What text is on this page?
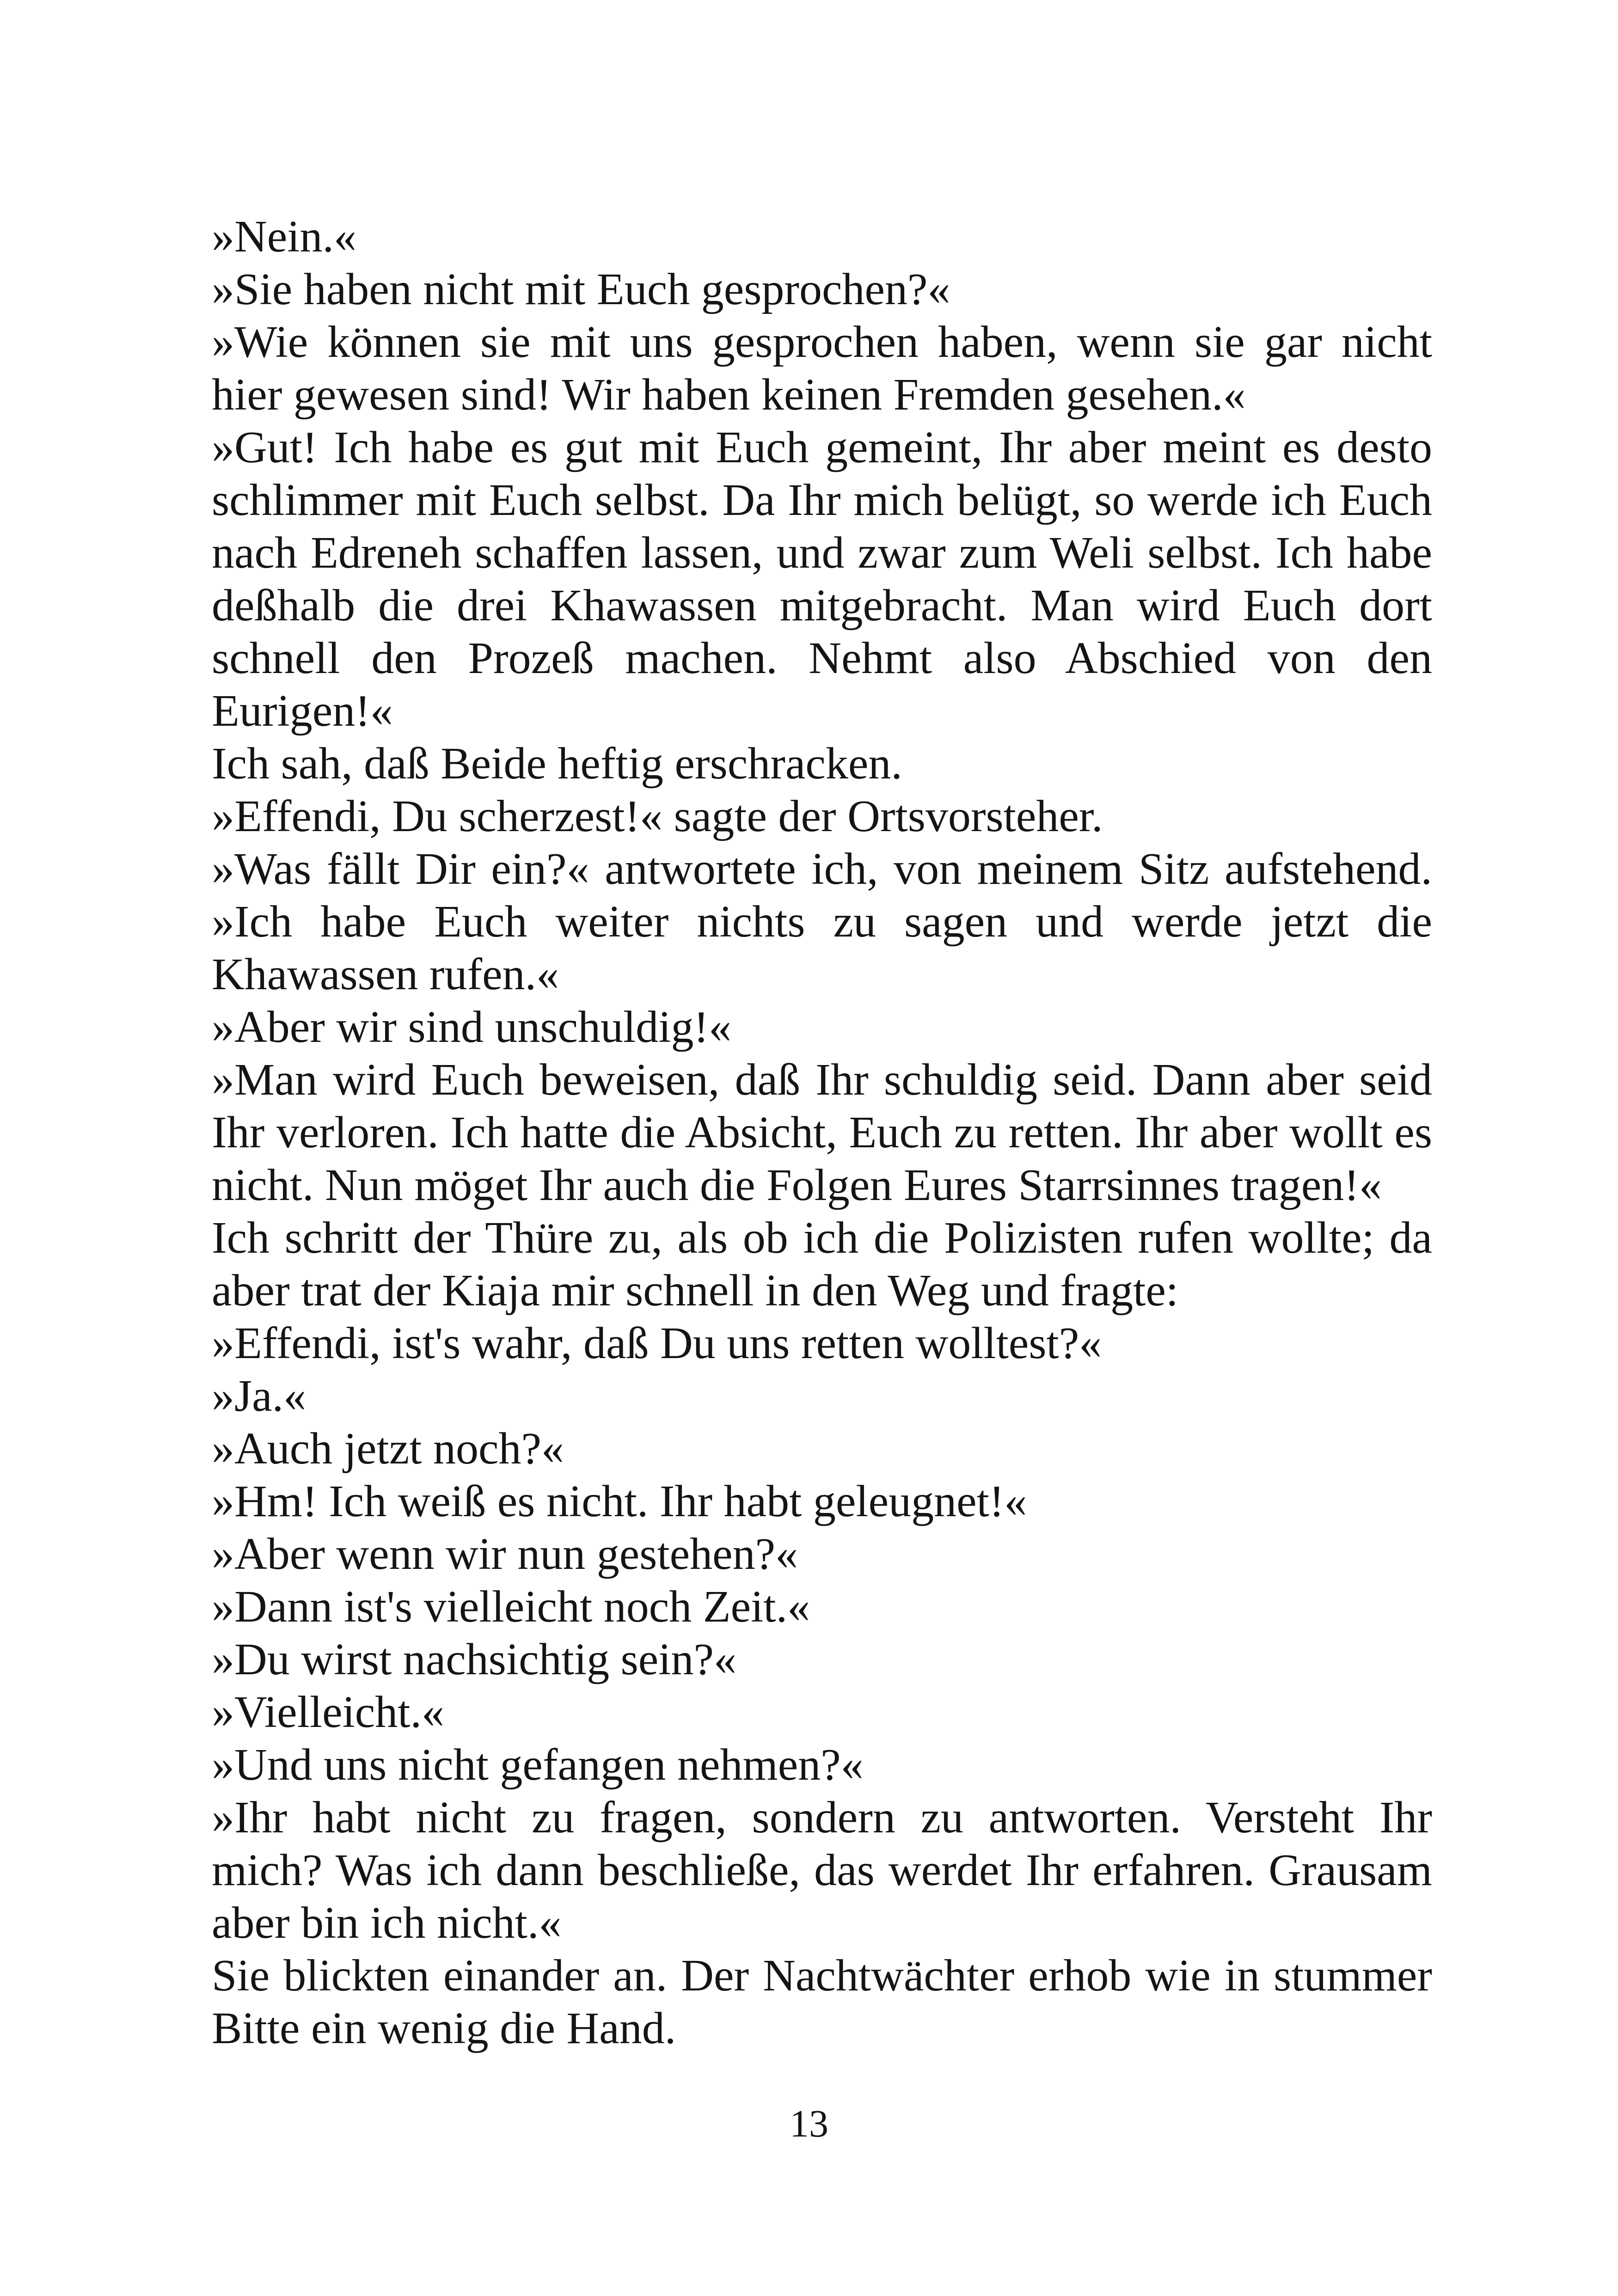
»Nein.«
»Sie haben nicht mit Euch gesprochen?«
»Wie können sie mit uns gesprochen haben, wenn sie gar nicht
hier gewesen sind! Wir haben keinen Fremden gesehen.«
»Gut! Ich habe es gut mit Euch gemeint, Ihr aber meint es desto
schlimmer mit Euch selbst. Da Ihr mich belügt, so werde ich Euch
nach Edreneh schaffen lassen, und zwar zum Weli selbst. Ich habe
deßhalb die drei Khawassen mitgebracht. Man wird Euch dort
schnell den Prozeß machen. Nehmt also Abschied von den
Eurigen!«
Ich sah, daß Beide heftig erschracken.
»Effendi, Du scherzest!« sagte der Ortsvorsteher.
»Was fällt Dir ein?« antwortete ich, von meinem Sitz aufstehend.
»Ich habe Euch weiter nichts zu sagen und werde jetzt die
Khawassen rufen.«
»Aber wir sind unschuldig!«
»Man wird Euch beweisen, daß Ihr schuldig seid. Dann aber seid
Ihr verloren. Ich hatte die Absicht, Euch zu retten. Ihr aber wollt es
nicht. Nun möget Ihr auch die Folgen Eures Starrsinnes tragen!«
Ich schritt der Thüre zu, als ob ich die Polizisten rufen wollte; da
aber trat der Kiaja mir schnell in den Weg und fragte:
»Effendi, ist's wahr, daß Du uns retten wolltest?«
»Ja.«
»Auch jetzt noch?«
»Hm! Ich weiß es nicht. Ihr habt geleugnet!«
»Aber wenn wir nun gestehen?«
»Dann ist's vielleicht noch Zeit.«
»Du wirst nachsichtig sein?«
»Vielleicht.«
»Und uns nicht gefangen nehmen?«
»Ihr habt nicht zu fragen, sondern zu antworten. Versteht Ihr
mich? Was ich dann beschließe, das werdet Ihr erfahren. Grausam
aber bin ich nicht.«
Sie blickten einander an. Der Nachtwächter erhob wie in stummer
Bitte ein wenig die Hand.
13
